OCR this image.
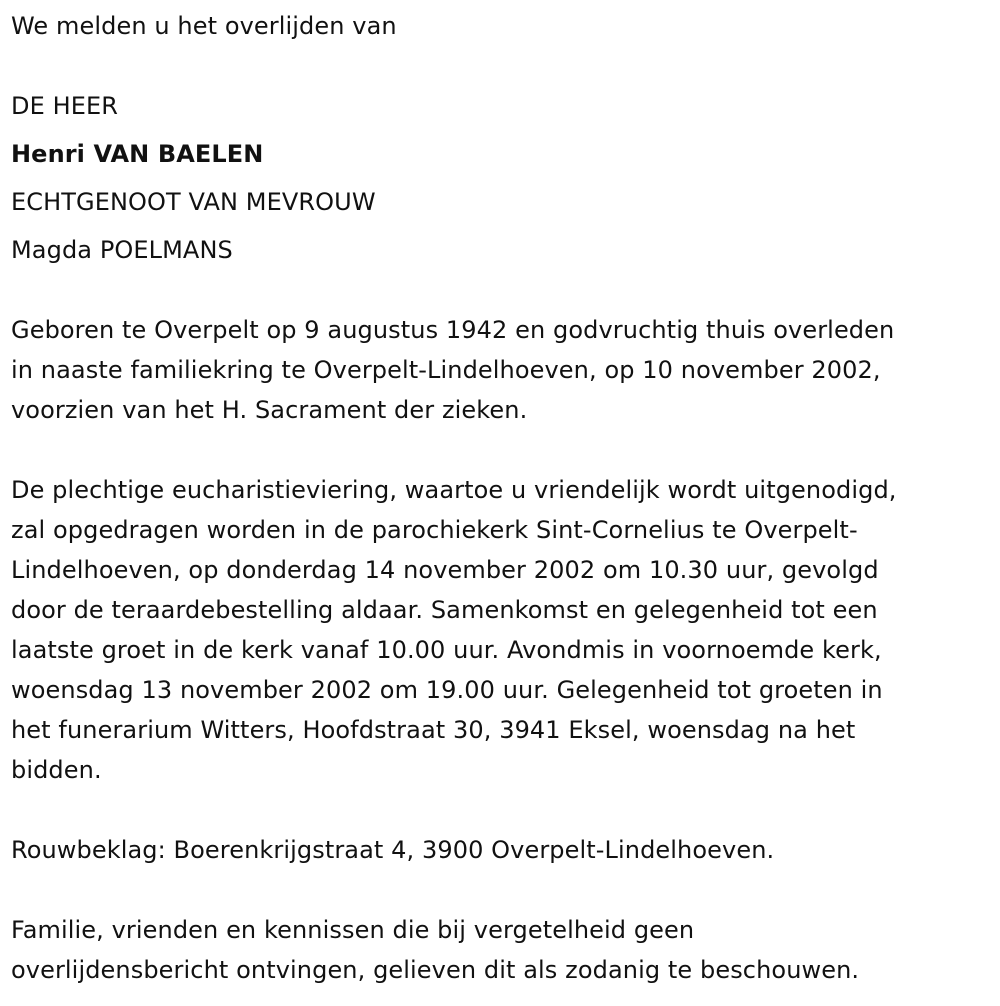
We melden u het overlijden van
DE HEER
Henri VAN BAELEN
ECHTGENOOT VAN MEVROUW
Magda POELMANS
Geboren te Overpelt op 9 augustus 1942 en godvruchtig thuis overleden
in naaste familiekring te Overpelt-Lindelhoeven, op 10 november 2002,
voorzien van het H. Sacrament der zieken.
De plechtige eucharistieviering, waartoe u vriendelijk wordt uitgenodigd,
zal opgedragen worden in de parochiekerk Sint-Cornelius te Overpelt-
Lindelhoeven, op donderdag 14 november 2002 om 10.30 uur, gevolgd
door de teraardebestelling aldaar. Samenkomst en gelegenheid tot een
laatste groet in de kerk vanaf 10.00 uur. Avondmis in voornoemde kerk,
woensdag 13 november 2002 om 19.00 uur. Gelegenheid tot groeten in
het funerarium Witters, Hoofdstraat 30, 3941 Eksel, woensdag na het
bidden.
Rouwbeklag: Boerenkrijgstraat 4, 3900 Overpelt-Lindelhoeven.
Familie, vrienden en kennissen die bij vergetelheid geen
overlijdensbericht ontvingen, gelieven dit als zodanig te beschouwen.
